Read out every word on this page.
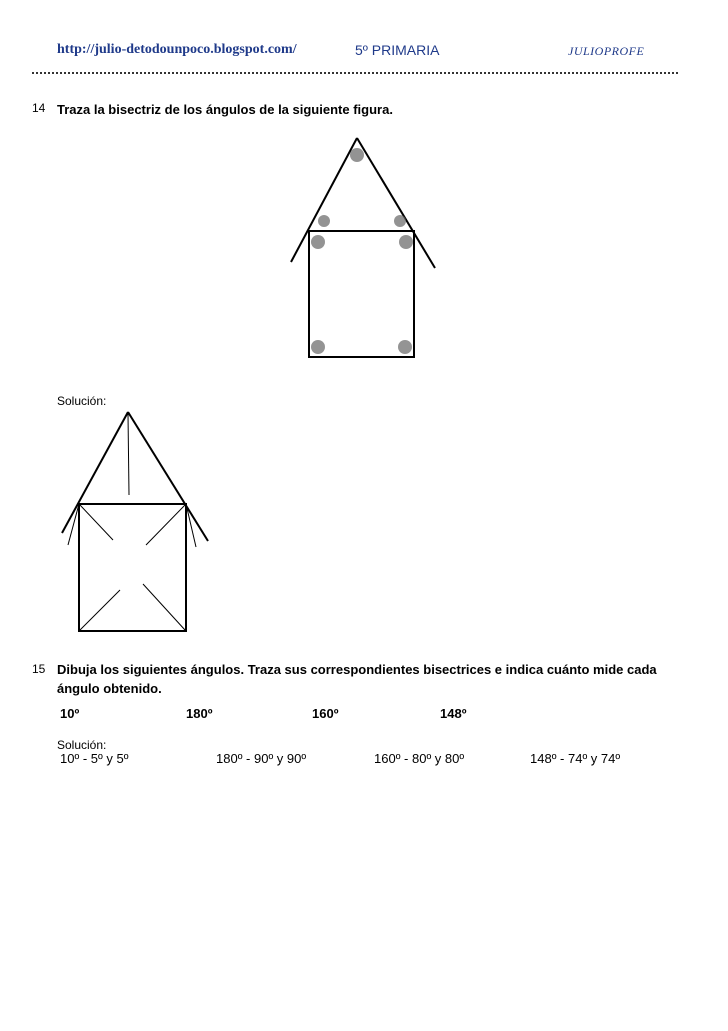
http://julio-detodounpoco.blogspot.com/	5º PRIMARIA	JULIOPROFE
14 Traza la bisectriz de los ángulos de la siguiente figura.
Solución:
15 Dibuja los siguientes ángulos. Traza sus correspondientes bisectrices e indica cuánto mide cada
ángulo obtenido.
10º	180º	160º	148º
Solución:
10º - 5º y 5º	180º - 90º y 90º	160º - 80º y 80º	148º - 74º y 74º
